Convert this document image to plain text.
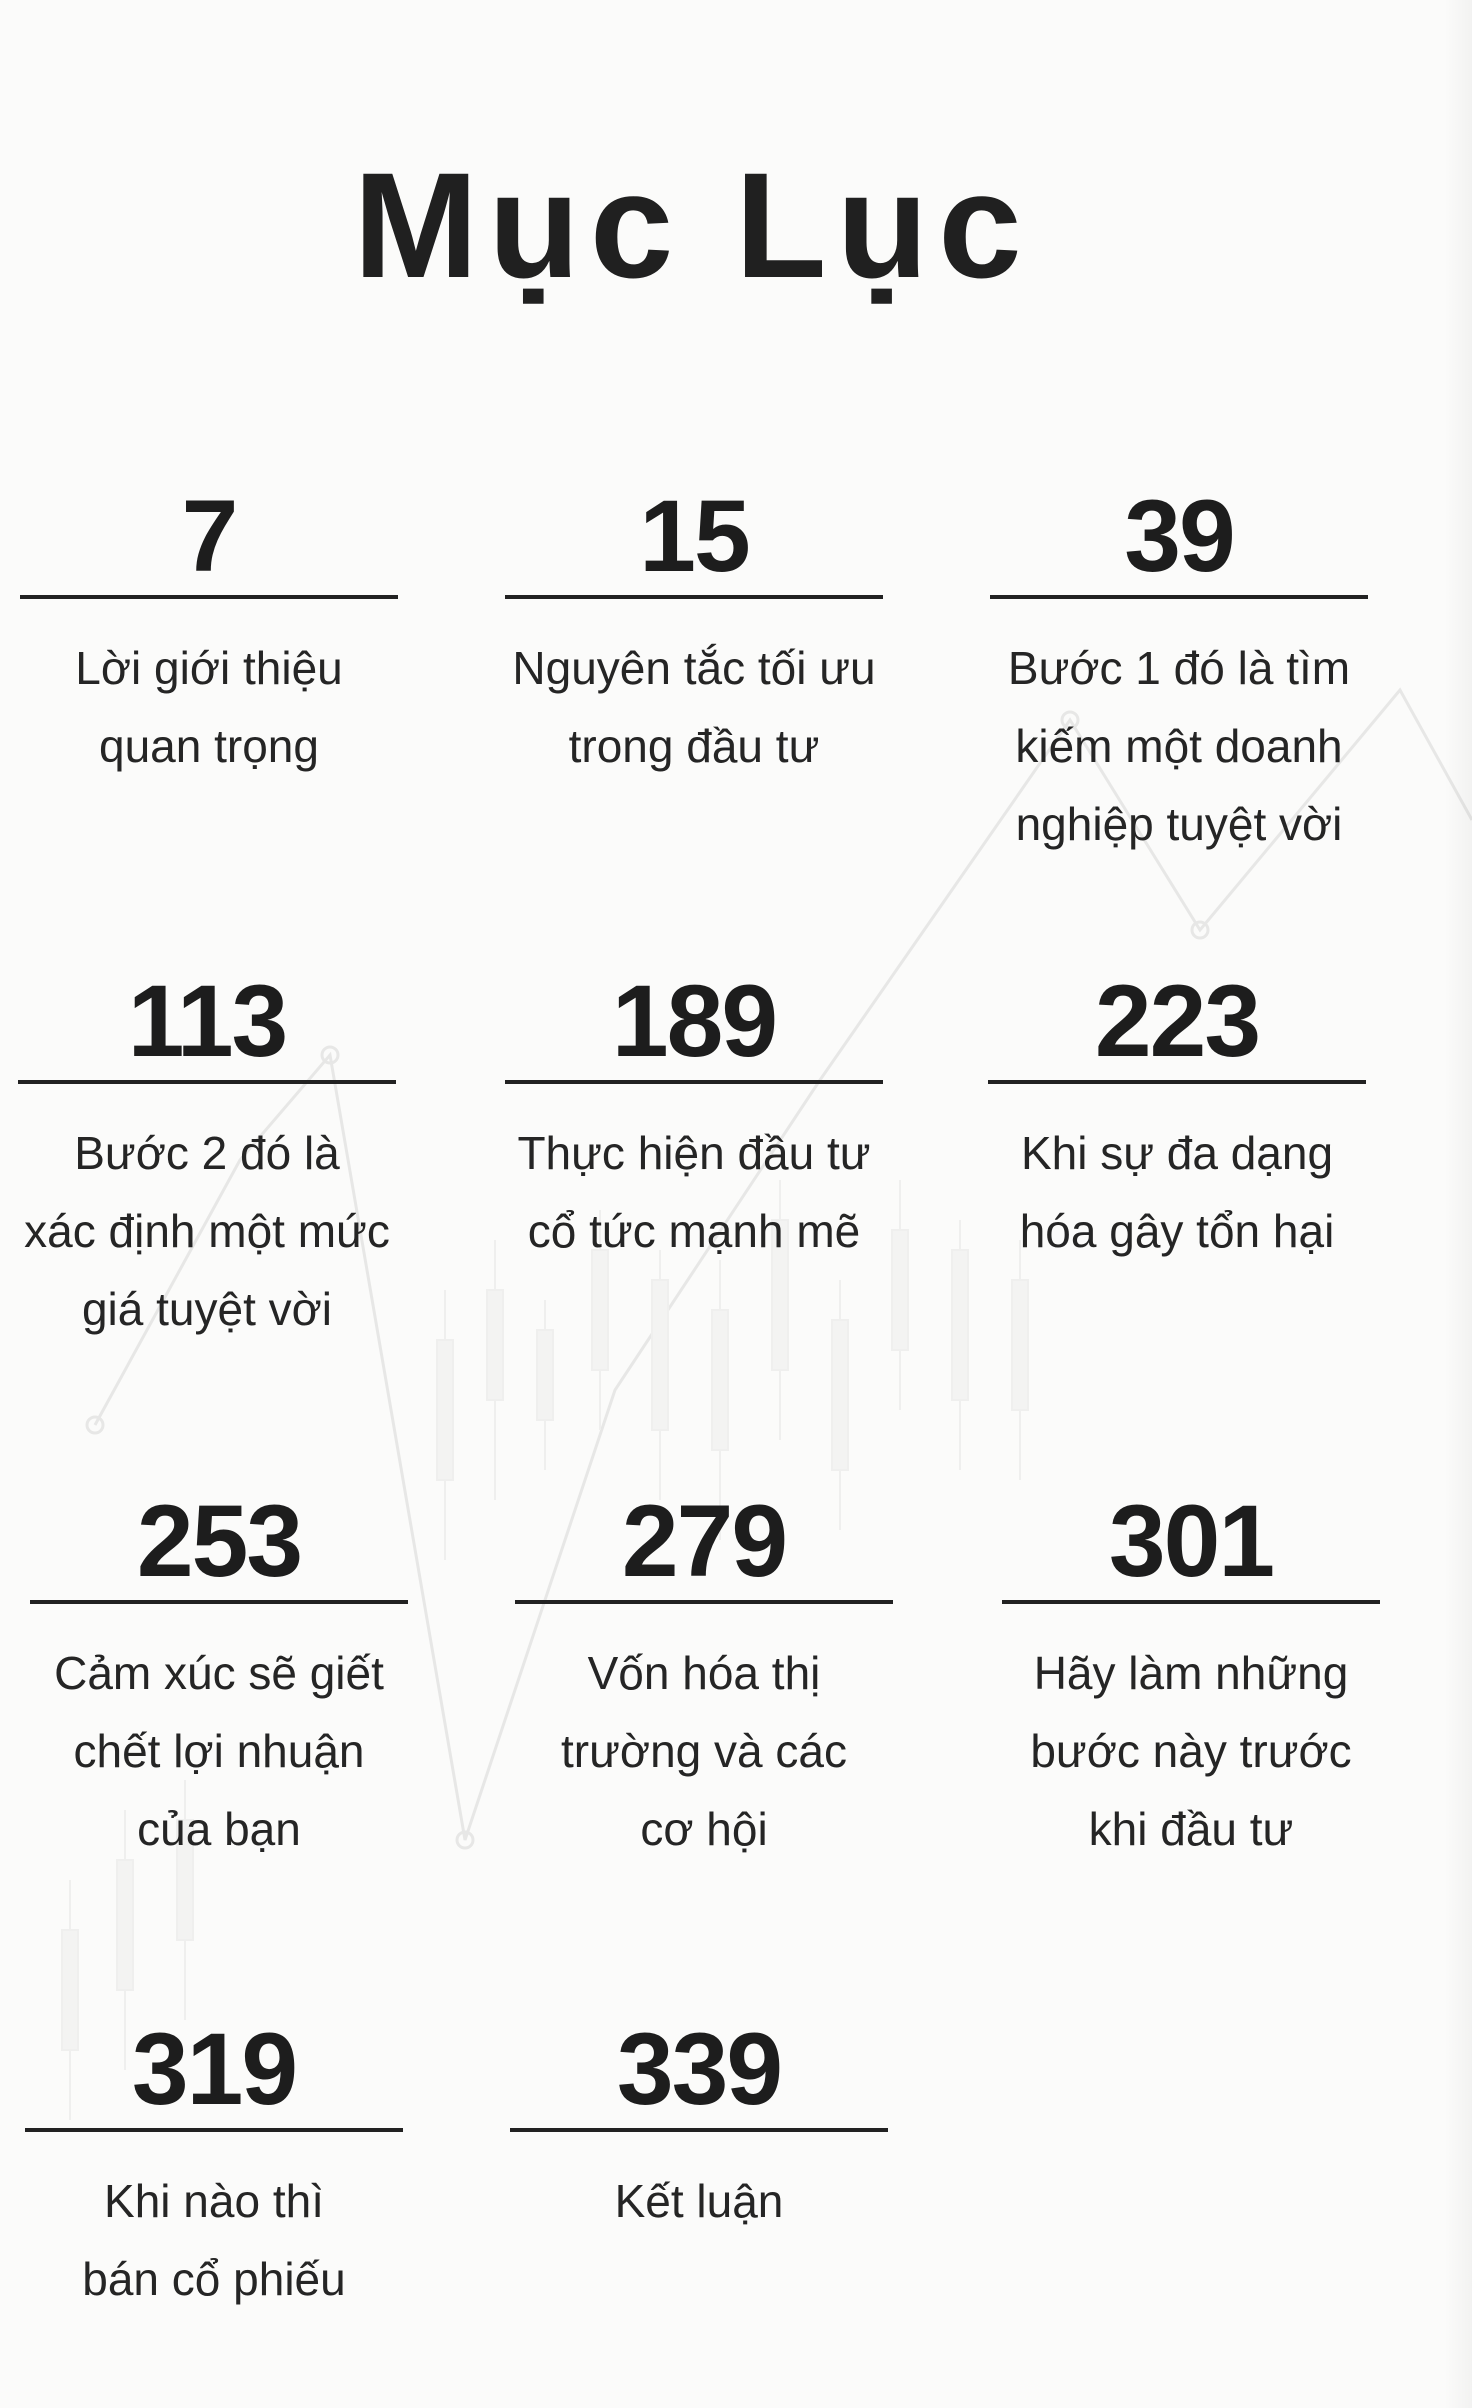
Mục Lục
7
Lời giới thiệu
quan trọng
15
Nguyên tắc tối ưu
trong đầu tư
39
Bước 1 đó là tìm
kiếm một doanh
nghiệp tuyệt vời
113
Bước 2 đó là
xác định một mức
giá tuyệt vời
189
Thực hiện đầu tư
cổ tức mạnh mẽ
223
Khi sự đa dạng
hóa gây tổn hại
253
Cảm xúc sẽ giết
chết lợi nhuận
của bạn
279
Vốn hóa thị
trường và các
cơ hội
301
Hãy làm những
bước này trước
khi đầu tư
319
Khi nào thì
bán cổ phiếu
339
Kết luận
